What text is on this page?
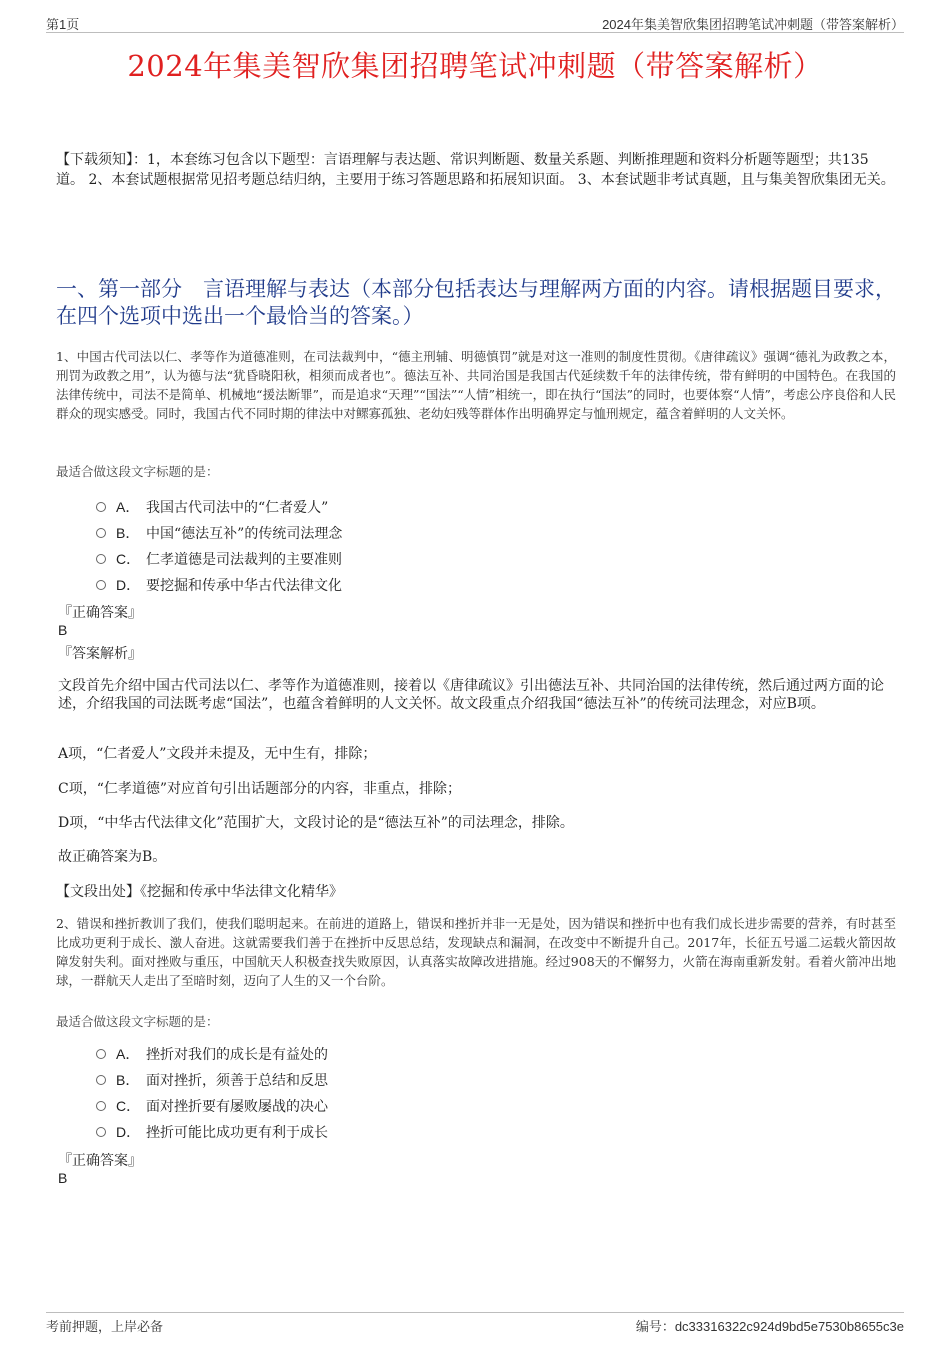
第1页	2024年集美智欣集团招聘笔试冲刺题（带答案解析）
2024年集美智欣集团招聘笔试冲刺题（带答案解析）
【下载须知】：1，本套练习包含以下题型：言语理解与表达题、常识判断题、数量关系题、判断推理题和资料分析题等题型；共135道。 2、本套试题根据常见招考题总结归纳，主要用于练习答题思路和拓展知识面。 3、本套试题非考试真题，且与集美智欣集团无关。
一、第一部分　言语理解与表达（本部分包括表达与理解两方面的内容。请根据题目要求，在四个选项中选出一个最恰当的答案。）
1、中国古代司法以仁、孝等作为道德准则，在司法裁判中，“德主刑辅、明德慎罚”就是对这一准则的制度性贯彻。《唐律疏议》强调“德礼为政教之本，刑罚为政教之用”，认为德与法“犹昏晓阳秋，相须而成者也”。德法互补、共同治国是我国古代延续数千年的法律传统，带有鲜明的中国特色。在我国的法律传统中，司法不是简单、机械地“援法断罪”，而是追求“天理”“国法”“人情”相统一，即在执行“国法”的同时，也要体察“人情”，考虑公序良俗和人民群众的现实感受。同时，我国古代不同时期的律法中对鳏寡孤独、老幼妇残等群体作出明确界定与恤刑规定，蕴含着鲜明的人文关怀。
最适合做这段文字标题的是：
A． 我国古代司法中的“仁者爱人”
B． 中国“德法互补”的传统司法理念
C． 仁孝道德是司法裁判的主要准则
D． 要挖掘和传承中华古代法律文化
『正确答案』
B
『答案解析』
文段首先介绍中国古代司法以仁、孝等作为道德准则，接着以《唐律疏议》引出德法互补、共同治国的法律传统，然后通过两方面的论述，介绍我国的司法既考虑“国法”，也蕴含着鲜明的人文关怀。故文段重点介绍我国“德法互补”的传统司法理念，对应B项。
A项，“仁者爱人”文段并未提及，无中生有，排除；
C项，“仁孝道德”对应首句引出话题部分的内容，非重点，排除；
D项，“中华古代法律文化”范围扩大，文段讨论的是“德法互补”的司法理念，排除。
故正确答案为B。
【文段出处】《挖掘和传承中华法律文化精华》
2、错误和挫折教训了我们，使我们聪明起来。在前进的道路上，错误和挫折并非一无是处，因为错误和挫折中也有我们成长进步需要的营养，有时甚至比成功更利于成长、激人奋进。这就需要我们善于在挫折中反思总结，发现缺点和漏洞，在改变中不断提升自己。2017年，长征五号遥二运载火箭因故障发射失利。面对挫败与重压，中国航天人积极查找失败原因，认真落实故障改进措施。经过908天的不懈努力，火箭在海南重新发射。看着火箭冲出地球，一群航天人走出了至暗时刻，迈向了人生的又一个台阶。
最适合做这段文字标题的是：
A． 挫折对我们的成长是有益处的
B． 面对挫折，须善于总结和反思
C． 面对挫折要有屡败屡战的决心
D． 挫折可能比成功更有利于成长
『正确答案』
B
考前押题，上岸必备	编号：dc33316322c924d9bd5e7530b8655c3e
